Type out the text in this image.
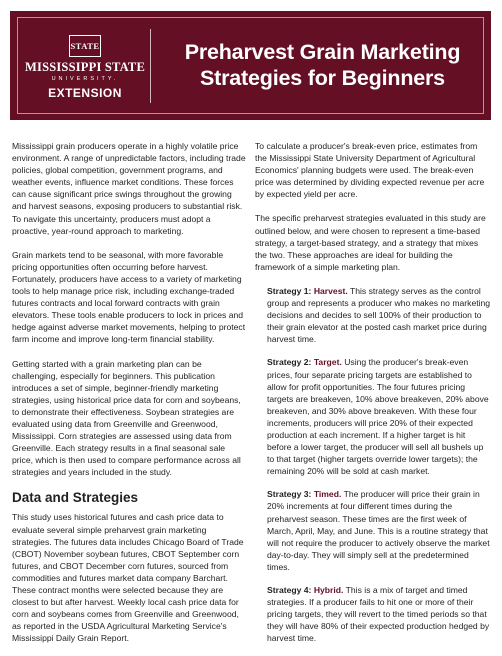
STATE
MISSISSIPPI STATE
UNIVERSITY.
EXTENSION
Preharvest Grain Marketing
Strategies for Beginners

Mississippi grain producers operate in a highly volatile price environment. A range of unpredictable factors, including trade policies, global competition, government programs, and weather events, influence market conditions. These forces can cause significant price swings throughout the growing and harvest seasons, exposing producers to substantial risk. To navigate this uncertainty, producers must adopt a proactive, year-round approach to marketing.

Grain markets tend to be seasonal, with more favorable pricing opportunities often occurring before harvest. Fortunately, producers have access to a variety of marketing tools to help manage price risk, including exchange-traded futures contracts and local forward contracts with grain elevators. These tools enable producers to lock in prices and hedge against adverse market movements, helping to protect farm income and improve long-term financial stability.

Getting started with a grain marketing plan can be challenging, especially for beginners. This publication introduces a set of simple, beginner-friendly marketing strategies, using historical price data for corn and soybeans, to demonstrate their effectiveness. Soybean strategies are evaluated using data from Greenville and Greenwood, Mississippi. Corn strategies are assessed using data from Greenville. Each strategy results in a final seasonal sale price, which is then used to compare performance across all strategies and years included in the study.

Data and Strategies

This study uses historical futures and cash price data to evaluate several simple preharvest grain marketing strategies. The futures data includes Chicago Board of Trade (CBOT) November soybean futures, CBOT September corn futures, and CBOT December corn futures, sourced from commodities and futures market data company Barchart. These contract months were selected because they are closest to but after harvest. Weekly local cash price data for corn and soybeans comes from Greenville and Greenwood, as reported in the USDA Agricultural Marketing Service's Mississippi Daily Grain Report.

To calculate a producer's break-even price, estimates from the Mississippi State University Department of Agricultural Economics' planning budgets were used. The break-even price was determined by dividing expected revenue per acre by expected yield per acre.

The specific preharvest strategies evaluated in this study are outlined below, and were chosen to represent a time-based strategy, a target-based strategy, and a strategy that mixes the two. These approaches are ideal for building the framework of a simple marketing plan.

Strategy 1: Harvest. This strategy serves as the control group and represents a producer who makes no marketing decisions and decides to sell 100% of their production to their grain elevator at the posted cash market price during harvest time.

Strategy 2: Target. Using the producer's break-even prices, four separate pricing targets are established to allow for profit opportunities. The four futures pricing targets are breakeven, 10% above breakeven, 20% above breakeven, and 30% above breakeven. With these four increments, producers will price 20% of their expected production at each increment. If a higher target is hit before a lower target, the producer will sell all bushels up to that target (higher targets override lower targets); the remaining 20% will be sold at cash market.

Strategy 3: Timed. The producer will price their grain in 20% increments at four different times during the preharvest season. These times are the first week of March, April, May, and June. This is a routine strategy that will not require the producer to actively observe the market day-to-day. They will simply sell at the predetermined times.

Strategy 4: Hybrid. This is a mix of target and timed strategies. If a producer fails to hit one or more of their pricing targets, they will revert to the timed periods so that they will have 80% of their expected production hedged by harvest time.
